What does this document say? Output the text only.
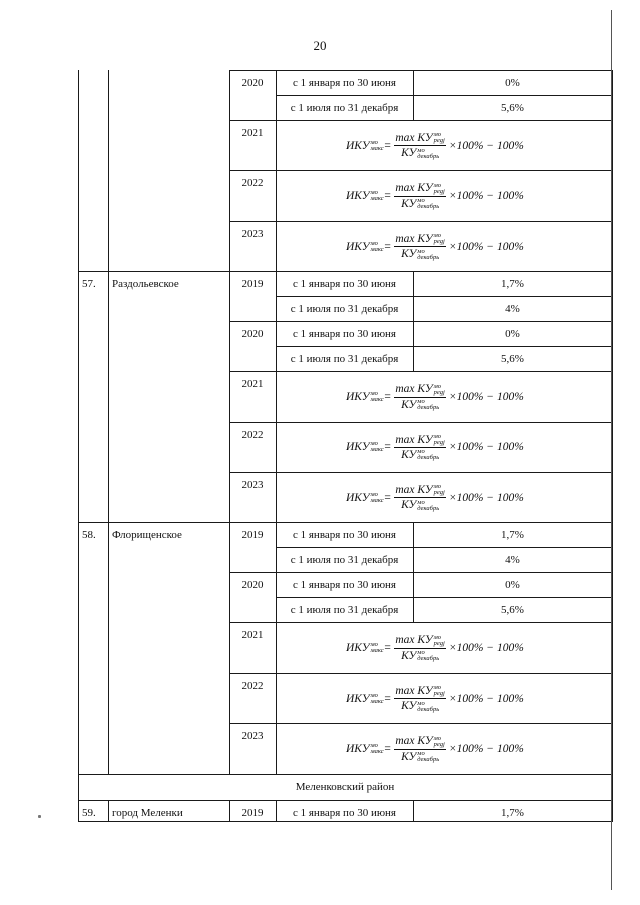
20
2020	с 1 января по 30 июня	0%
с 1 июля по 31 декабря	5,6%
2021
ИКУ мо
макс = max КУ мо
pegj
КУ мо
декабрь ×100% − 100%
2022
ИКУ мо
макс = max КУ мо
pegj
КУ мо
декабрь ×100% − 100%
2023
ИКУ мо
макс = max КУ мо
pegj
КУ мо
декабрь ×100% − 100%
57.	Раздольевское	2019	с 1 января по 30 июня	1,7%
с 1 июля по 31 декабря	4%
2020	с 1 января по 30 июня	0%
с 1 июля по 31 декабря	5,6%
2021
ИКУ мо
макс = max КУ мо
pegj
КУ мо
декабрь ×100% − 100%
2022
ИКУ мо
макс = max КУ мо
pegj
КУ мо
декабрь ×100% − 100%
2023
ИКУ мо
макс = max КУ мо
pegj
КУ мо
декабрь ×100% − 100%
58.	Флорищенское	2019	с 1 января по 30 июня	1,7%
с 1 июля по 31 декабря	4%
2020	с 1 января по 30 июня	0%
с 1 июля по 31 декабря	5,6%
2021
ИКУ мо
макс = max КУ мо
pegj
КУ мо
декабрь ×100% − 100%
2022
ИКУ мо
макс = max КУ мо
pegj
КУ мо
декабрь ×100% − 100%
2023
ИКУ мо
макс = max КУ мо
pegj
КУ мо
декабрь ×100% − 100%
Меленковский район
59.	город Меленки	2019	с 1 января по 30 июня	1,7%
